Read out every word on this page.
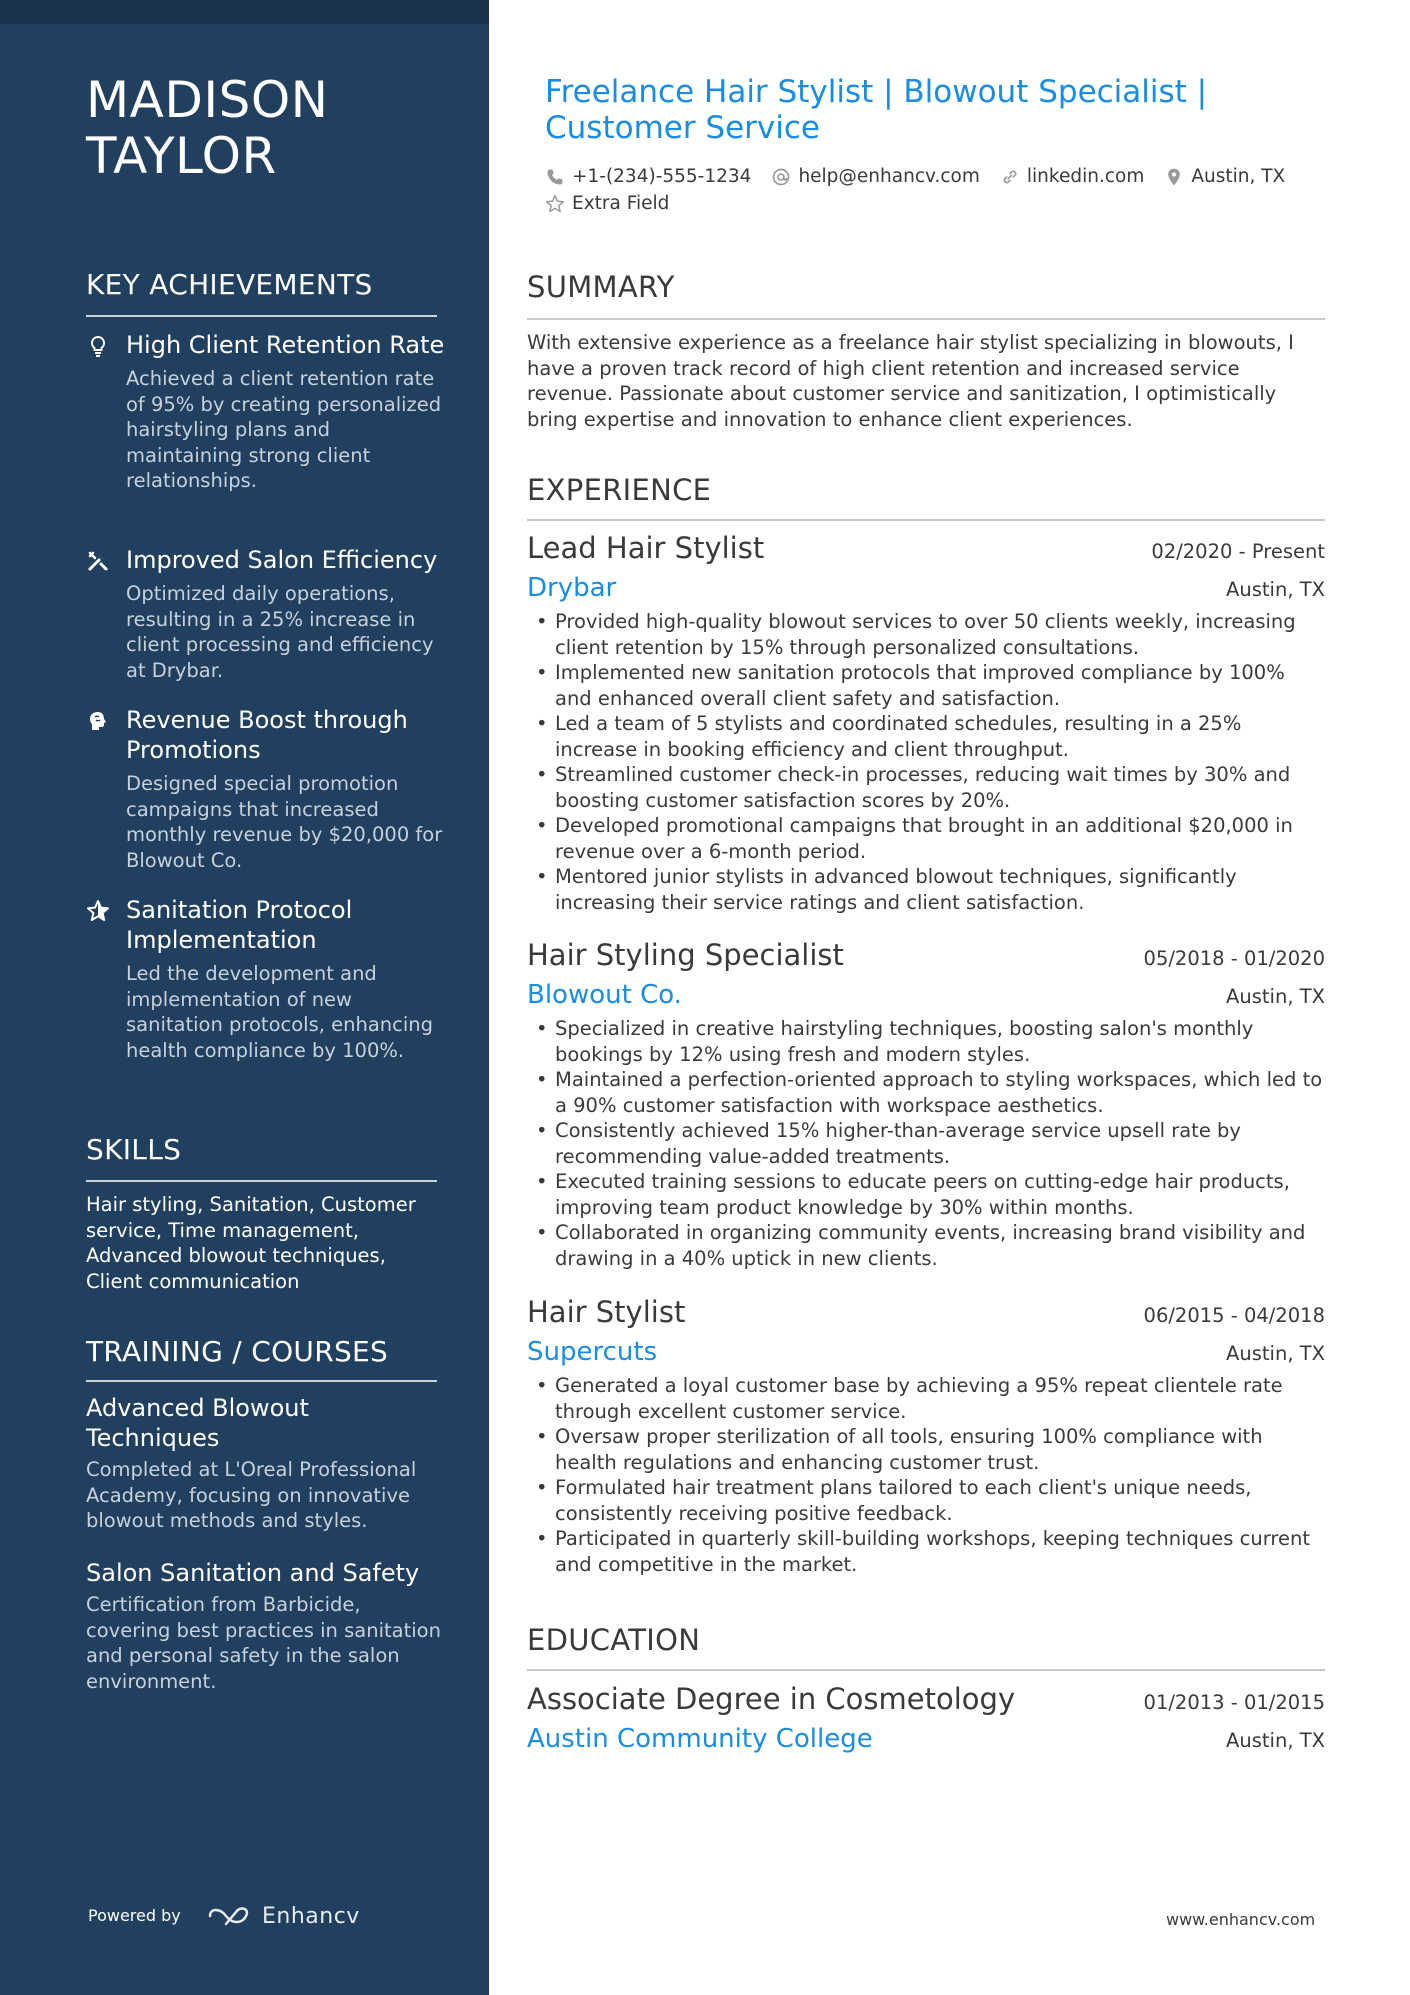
MADISON
TAYLOR
KEY ACHIEVEMENTS
High Client Retention Rate
Achieved a client retention rate of 95% by creating personalized hairstyling plans and maintaining strong client relationships.
Improved Salon Efficiency
Optimized daily operations, resulting in a 25% increase in client processing and efficiency at Drybar.
Revenue Boost through Promotions
Designed special promotion campaigns that increased monthly revenue by $20,000 for Blowout Co.
Sanitation Protocol Implementation
Led the development and implementation of new sanitation protocols, enhancing health compliance by 100%.
SKILLS
Hair styling, Sanitation, Customer service, Time management, Advanced blowout techniques, Client communication
TRAINING / COURSES
Advanced Blowout Techniques
Completed at L'Oreal Professional Academy, focusing on innovative blowout methods and styles.
Salon Sanitation and Safety
Certification from Barbicide, covering best practices in sanitation and personal safety in the salon environment.
Powered by	Enhancv
Freelance Hair Stylist | Blowout Specialist | Customer Service
+1-(234)-555-1234	help@enhancv.com	linkedin.com	Austin, TX
Extra Field
SUMMARY
With extensive experience as a freelance hair stylist specializing in blowouts, I have a proven track record of high client retention and increased service revenue. Passionate about customer service and sanitization, I optimistically bring expertise and innovation to enhance client experiences.
EXPERIENCE
Lead Hair Stylist	02/2020 - Present
Drybar	Austin, TX
• Provided high-quality blowout services to over 50 clients weekly, increasing client retention by 15% through personalized consultations.
• Implemented new sanitation protocols that improved compliance by 100% and enhanced overall client safety and satisfaction.
• Led a team of 5 stylists and coordinated schedules, resulting in a 25% increase in booking efficiency and client throughput.
• Streamlined customer check-in processes, reducing wait times by 30% and boosting customer satisfaction scores by 20%.
• Developed promotional campaigns that brought in an additional $20,000 in revenue over a 6-month period.
• Mentored junior stylists in advanced blowout techniques, significantly increasing their service ratings and client satisfaction.
Hair Styling Specialist	05/2018 - 01/2020
Blowout Co.	Austin, TX
• Specialized in creative hairstyling techniques, boosting salon's monthly bookings by 12% using fresh and modern styles.
• Maintained a perfection-oriented approach to styling workspaces, which led to a 90% customer satisfaction with workspace aesthetics.
• Consistently achieved 15% higher-than-average service upsell rate by recommending value-added treatments.
• Executed training sessions to educate peers on cutting-edge hair products, improving team product knowledge by 30% within months.
• Collaborated in organizing community events, increasing brand visibility and drawing in a 40% uptick in new clients.
Hair Stylist	06/2015 - 04/2018
Supercuts	Austin, TX
• Generated a loyal customer base by achieving a 95% repeat clientele rate through excellent customer service.
• Oversaw proper sterilization of all tools, ensuring 100% compliance with health regulations and enhancing customer trust.
• Formulated hair treatment plans tailored to each client's unique needs, consistently receiving positive feedback.
• Participated in quarterly skill-building workshops, keeping techniques current and competitive in the market.
EDUCATION
Associate Degree in Cosmetology	01/2013 - 01/2015
Austin Community College	Austin, TX
www.enhancv.com
